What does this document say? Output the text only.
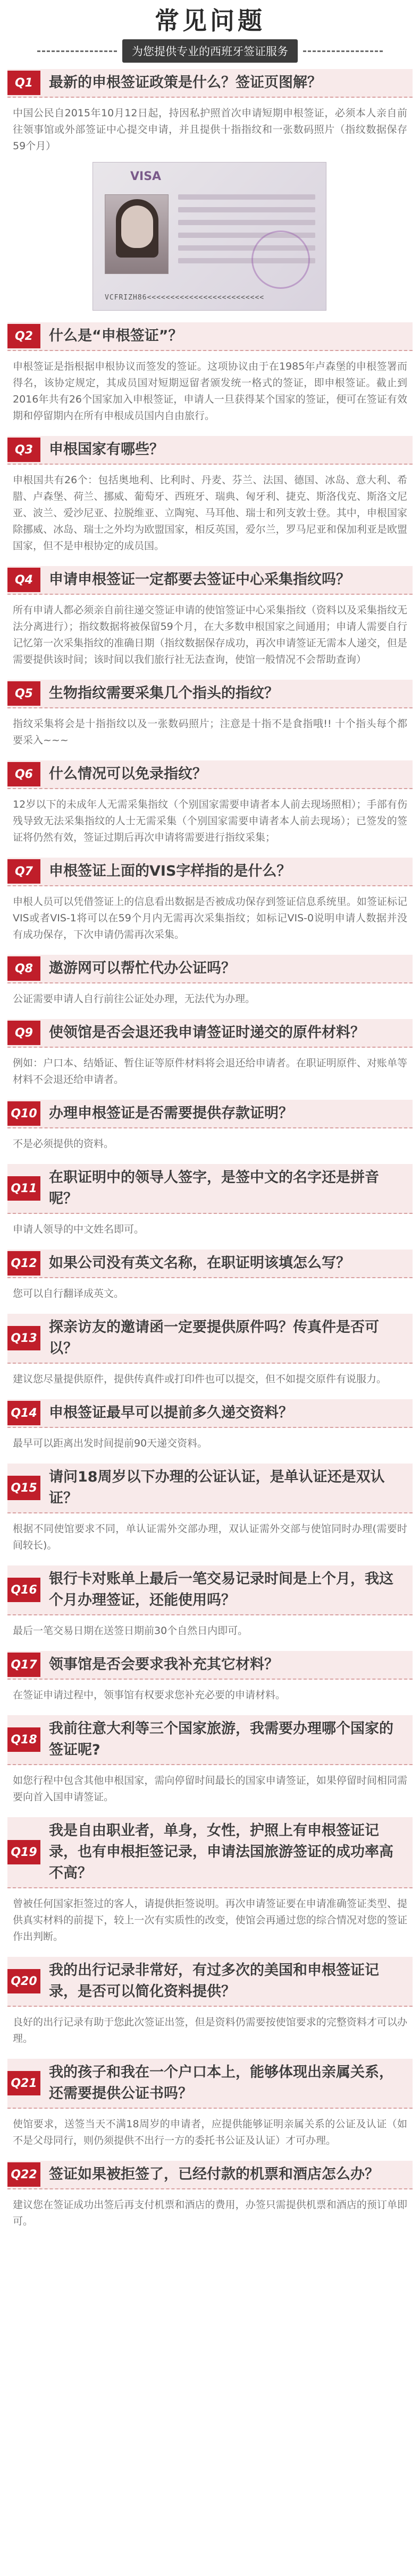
常见问题
为您提供专业的西班牙签证服务
Q1	最新的申根签证政策是什么？签证页图解？
中国公民自2015年10月12日起，持因私护照首次申请短期申根签证，必须本人亲自前往领事馆或外部签证中心提交申请，并且提供十指指纹和一张数码照片（指纹数据保存59个月）
VISA
VCFRIZH86<<<<<<<<<<<<<<<<<<<<<<<<<
Q2	什么是“申根签证”？
申根签证是指根据申根协议而签发的签证。这项协议由于在1985年卢森堡的申根签署而得名，该协定规定，其成员国对短期逗留者颁发统一格式的签证，即申根签证。截止到2016年共有26个国家加入申根签证，申请人一旦获得某个国家的签证，便可在签证有效期和停留期内在所有申根成员国内自由旅行。
Q3	申根国家有哪些？
申根国共有26个：包括奥地利、比利时、丹麦、芬兰、法国、德国、冰岛、意大利、希腊、卢森堡、荷兰、挪威、葡萄牙、西班牙、瑞典、匈牙利、捷克、斯洛伐克、斯洛文尼亚、波兰、爱沙尼亚、拉脱维亚、立陶宛、马耳他、瑞士和列支敦士登。其中，申根国家除挪威、冰岛、瑞士之外均为欧盟国家，相反英国，爱尔兰，罗马尼亚和保加利亚是欧盟国家，但不是申根协定的成员国。
Q4	申请申根签证一定都要去签证中心采集指纹吗？
所有申请人都必须亲自前往递交签证申请的使馆签证中心采集指纹（资料以及采集指纹无法分离进行）；指纹数据将被保留59个月，在大多数申根国家之间通用；申请人需要自行记忆第一次采集指纹的准确日期（指纹数据保存成功，再次申请签证无需本人递交，但是需要提供该时间；该时间以我们旅行社无法查询，使馆一般情况不会帮助查询）
Q5	生物指纹需要采集几个指头的指纹？
指纹采集将会是十指指纹以及一张数码照片；注意是十指不是食指哦!! 十个指头每个都要采入~~~
Q6	什么情况可以免录指纹？
12岁以下的未成年人无需采集指纹（个别国家需要申请者本人前去现场照相）；手部有伤残导致无法采集指纹的人士无需采集（个别国家需要申请者本人前去现场）；已签发的签证将仍然有效，签证过期后再次申请将需要进行指纹采集；
Q7	申根签证上面的VIS字样指的是什么？
申根人员可以凭借签证上的信息看出数据是否被成功保存到签证信息系统里。如签证标记VIS或者VIS-1将可以在59个月内无需再次采集指纹；如标记VIS-0说明申请人数据并没有成功保存，下次申请仍需再次采集。
Q8	遨游网可以帮忙代办公证吗？
公证需要申请人自行前往公证处办理，无法代为办理。
Q9	使领馆是否会退还我申请签证时递交的原件材料？
例如：户口本、结婚证、暂住证等原件材料将会退还给申请者。在职证明原件、对账单等材料不会退还给申请者。
Q10 办理申根签证是否需要提供存款证明？
不是必须提供的资料。
Q11
在职证明中的领导人签字，是签中文的名字还是拼音呢？
申请人领导的中文姓名即可。
Q12 如果公司没有英文名称，在职证明该填怎么写？
您可以自行翻译成英文。
Q13
探亲访友的邀请函一定要提供原件吗？传真件是否可以？
建议您尽量提供原件，提供传真件或打印件也可以提交，但不如提交原件有说服力。
Q14 申根签证最早可以提前多久递交资料？
最早可以距离出发时间提前90天递交资料。
Q15
请问18周岁以下办理的公证认证，是单认证还是双认证？
根据不同使馆要求不同，单认证需外交部办理，双认证需外交部与使馆同时办理(需要时间较长)。
Q16
银行卡对账单上最后一笔交易记录时间是上个月，我这个月办理签证，还能使用吗？
最后一笔交易日期在送签日期前30个自然日内即可。
Q17 领事馆是否会要求我补充其它材料？
在签证申请过程中，领事馆有权要求您补充必要的申请材料。
Q18
我前往意大利等三个国家旅游，我需要办理哪个国家的签证呢?
如您行程中包含其他申根国家，需向停留时间最长的国家申请签证，如果停留时间相同需要向首入国申请签证。
Q19
我是自由职业者，单身，女性，护照上有申根签证记录，也有申根拒签记录，申请法国旅游签证的成功率高不高？
曾被任何国家拒签过的客人，请提供拒签说明。再次申请签证要在申请准确签证类型、提供真实材料的前提下，较上一次有实质性的改变，使馆会再通过您的综合情况对您的签证作出判断。
Q20
我的出行记录非常好，有过多次的美国和申根签证记录，是否可以简化资料提供？
良好的出行记录有助于您此次签证出签，但是资料仍需要按使馆要求的完整资料才可以办理。
Q21
我的孩子和我在一个户口本上，能够体现出亲属关系，还需要提供公证书吗？
使馆要求，送签当天不满18周岁的申请者，应提供能够证明亲属关系的公证及认证（如不是父母同行，则仍须提供不出行一方的委托书公证及认证）才可办理。
Q22 签证如果被拒签了，已经付款的机票和酒店怎么办？
建议您在签证成功出签后再支付机票和酒店的费用，办签只需提供机票和酒店的预订单即可。
